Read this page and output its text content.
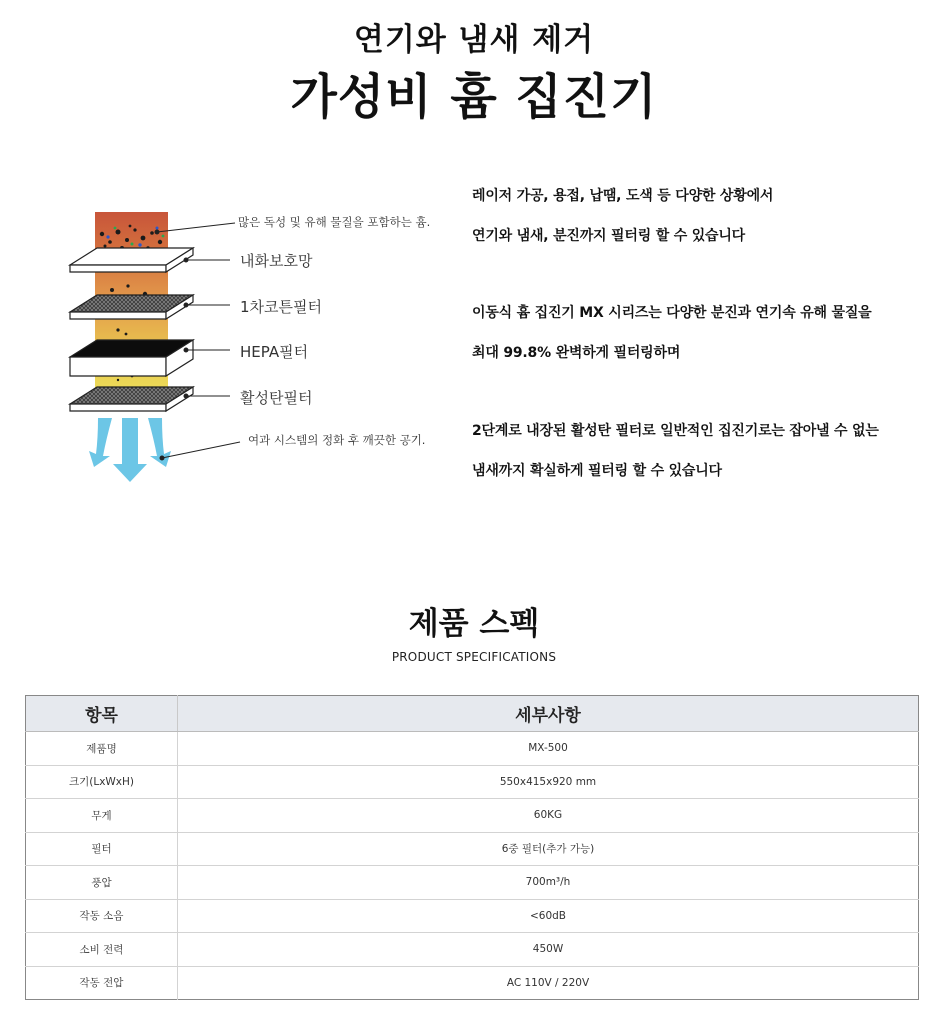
연기와 냄새 제거
가성비 흄 집진기
많은 독성 및 유해 물질을 포함하는 흄.
내화보호망
1차코튼필터
HEPA필터
활성탄필터
여과 시스템의 정화 후 깨끗한 공기.

레이저 가공, 용접, 납땜, 도색 등 다양한 상황에서

연기와 냄새, 분진까지 필터링 할 수 있습니다

이동식 흄 집진기 MX 시리즈는 다양한 분진과 연기속 유해 물질을

최대 99.8% 완벽하게 필터링하며

2단계로 내장된 활성탄 필터로 일반적인 집진기로는 잡아낼 수 없는

냄새까지 확실하게 필터링 할 수 있습니다

제품 스펙
PRODUCT SPECIFICATIONS
항목	세부사항
제품명	MX-500
크기(LxWxH)	550x415x920 mm
무게	60KG
필터	6중 필터(추가 가능)
풍압	700m³/h
작동 소음	<60dB
소비 전력	450W
작동 전압	AC 110V / 220V
